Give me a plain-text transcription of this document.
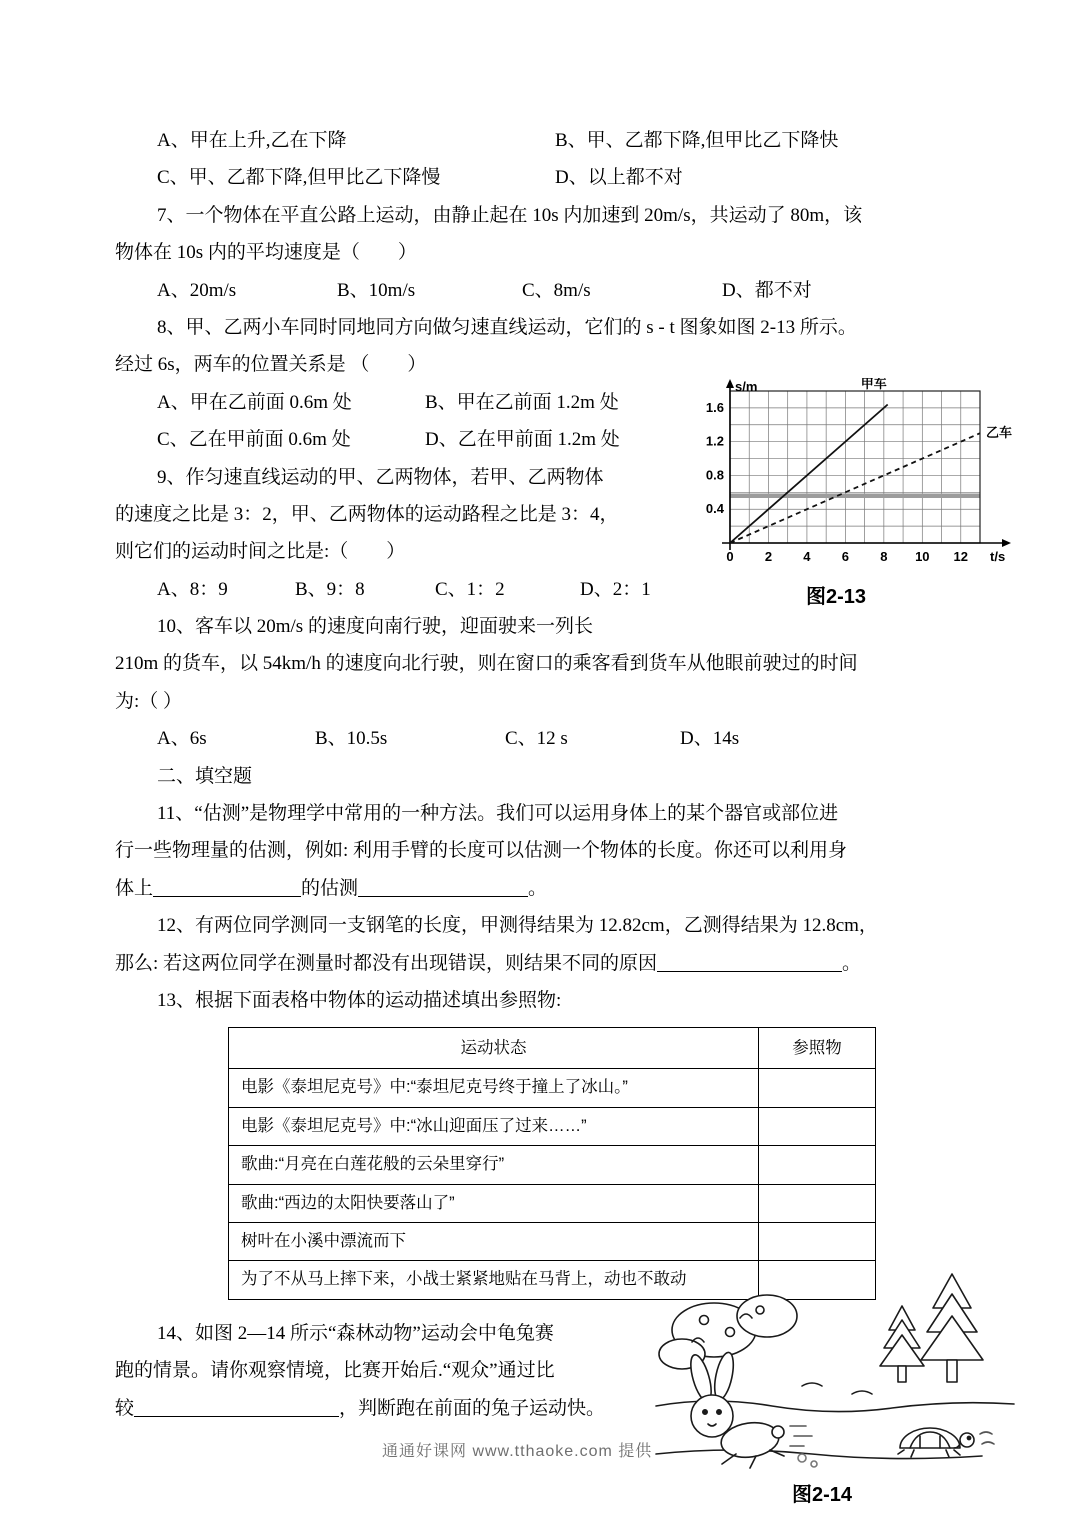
A、甲在上升,乙在下降	B、甲、乙都下降,但甲比乙下降快
C、甲、乙都下降,但甲比乙下降慢	D、以上都不对
7、一个物体在平直公路上运动，由静止起在 10s 内加速到 20m/s，共运动了 80m，该
物体在 10s 内的平均速度是（　　）
A、20m/s	B、10m/s	C、8m/s	D、都不对
8、甲、乙两小车同时同地同方向做匀速直线运动，它们的 s - t 图象如图 2-13 所示。
经过 6s，两车的位置关系是 （　　）
A、甲在乙前面 0.6m 处	B、甲在乙前面 1.2m 处
C、乙在甲前面 0.6m 处	D、乙在甲前面 1.2m 处
9、作匀速直线运动的甲、乙两物体，若甲、乙两物体
的速度之比是 3：2，甲、乙两物体的运动路程之比是 3：4，
则它们的运动时间之比是:（　　）
A、8：9	B、9：8	C、1：2	D、2：1
10、客车以 20m/s 的速度向南行驶，迎面驶来一列长
210m 的货车，以 54km/h 的速度向北行驶，则在窗口的乘客看到货车从他眼前驶过的时间
为:（ ）
A、6s	B、10.5s	C、12 s	D、14s
二、填空题
11、“估测”是物理学中常用的一种方法。我们可以运用身体上的某个器官或部位进
行一些物理量的估测，例如: 利用手臂的长度可以估测一个物体的长度。你还可以利用身
体上	的估测	。
12、有两位同学测同一支钢笔的长度，甲测得结果为 12.82cm，乙测得结果为 12.8cm，
那么: 若这两位同学在测量时都没有出现错误，则结果不同的原因	。
13、根据下面表格中物体的运动描述填出参照物:
运动状态	参照物
电影《泰坦尼克号》中:“泰坦尼克号终于撞上了冰山。”	
电影《泰坦尼克号》中:“冰山迎面压了过来……”	
歌曲:“月亮在白莲花般的云朵里穿行”	
歌曲:“西边的太阳快要落山了”	
树叶在小溪中漂流而下	
为了不从马上摔下来，小战士紧紧地贴在马背上，动也不敢动	
14、如图 2—14 所示“森林动物”运动会中龟兔赛
跑的情景。请你观察情境，比赛开始后.“观众”通过比
较	，判断跑在前面的兔子运动快。
s/m
t/s
0.4
0.8
1.2
1.6
0 2 4 6 8 10 12
甲车
乙车
图2-13
图2-14
通通好课网 www.tthaoke.com 提供
